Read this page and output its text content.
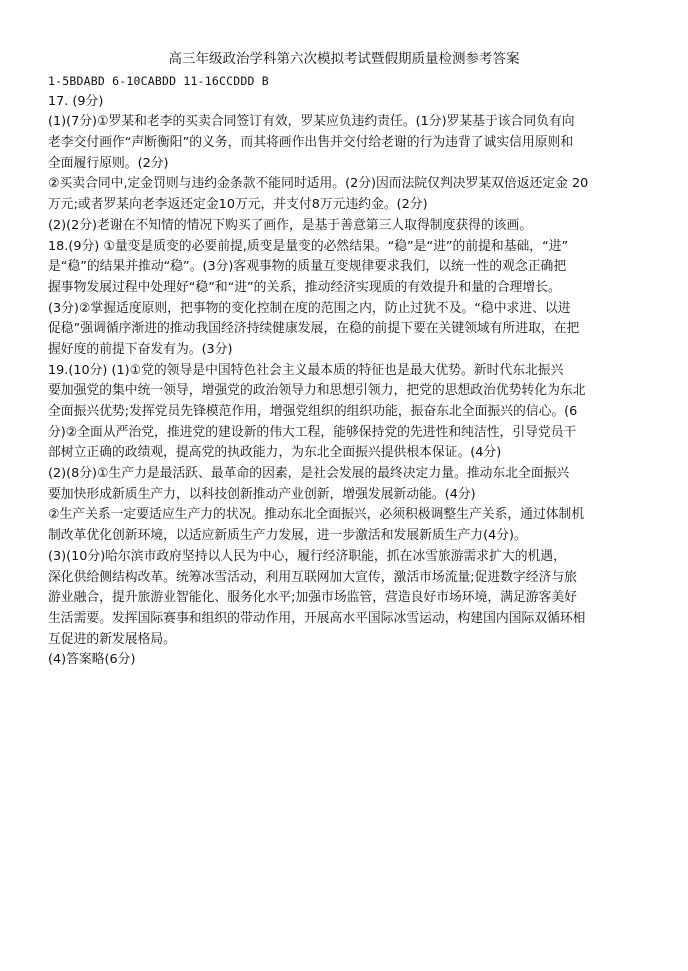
高三年级政治学科第六次模拟考试暨假期质量检测参考答案
1-5BDABD 6-10CABDD 11-16CCDDD B
17. (9分)
(1)(7分)①罗某和老李的买卖合同签订有效，罗某应负违约责任。(1分)罗某基于该合同负有向
老李交付画作“声断衡阳”的义务，而其将画作出售并交付给老谢的行为违背了诚实信用原则和
全面履行原则。(2分)
②买卖合同中,定金罚则与违约金条款不能同时适用。(2分)因而法院仅判决罗某双倍返还定金 20
万元;或者罗某向老李返还定金10万元，并支付8万元违约金。(2分)
(2)(2分)老谢在不知情的情况下购买了画作，是基于善意第三人取得制度获得的该画。
18.(9分) ①量变是质变的必要前提,质变是量变的必然结果。“稳”是“进”的前提和基础，“进”
是“稳”的结果并推动“稳”。(3分)客观事物的质量互变规律要求我们，以统一性的观念正确把
握事物发展过程中处理好“稳”和“进”的关系，推动经济实现质的有效提升和量的合理增长。
(3分)②掌握适度原则，把事物的变化控制在度的范围之内，防止过犹不及。“稳中求进、以进
促稳”强调循序渐进的推动我国经济持续健康发展，在稳的前提下要在关键领域有所进取，在把
握好度的前提下奋发有为。(3分)
19.(10分) (1)①党的领导是中国特色社会主义最本质的特征也是最大优势。新时代东北振兴
要加强党的集中统一领导，增强党的政治领导力和思想引领力，把党的思想政治优势转化为东北
全面振兴优势;发挥党员先锋模范作用，增强党组织的组织功能，振奋东北全面振兴的信心。(6
分)②全面从严治党，推进党的建设新的伟大工程，能够保持党的先进性和纯洁性，引导党员干
部树立正确的政绩观，提高党的执政能力，为东北全面振兴提供根本保证。(4分)
(2)(8分)①生产力是最活跃、最革命的因素，是社会发展的最终决定力量。推动东北全面振兴
要加快形成新质生产力，以科技创新推动产业创新，增强发展新动能。(4分)
②生产关系一定要适应生产力的状况。推动东北全面振兴，必须积极调整生产关系，通过体制机
制改革优化创新环境，以适应新质生产力发展，进一步激活和发展新质生产力(4分)。
(3)(10分)哈尔滨市政府坚持以人民为中心，履行经济职能，抓在冰雪旅游需求扩大的机遇，
深化供给侧结构改革。统筹冰雪活动，利用互联网加大宣传，激活市场流量;促进数字经济与旅
游业融合，提升旅游业智能化、服务化水平;加强市场监管，营造良好市场环境，满足游客美好
生活需要。发挥国际赛事和组织的带动作用，开展高水平国际冰雪运动，构建国内国际双循环相
互促进的新发展格局。
(4)答案略(6分)
